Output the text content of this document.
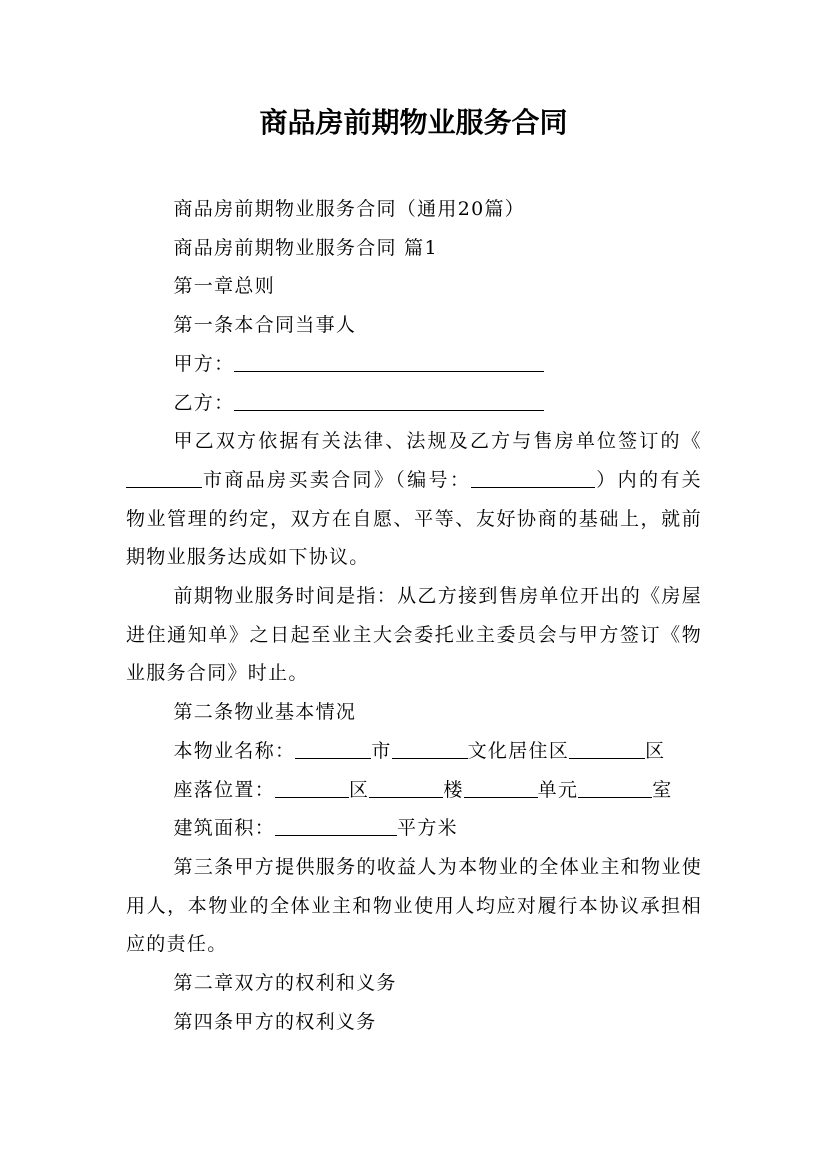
商品房前期物业服务合同

商品房前期物业服务合同（通用20篇）

商品房前期物业服务合同 篇1

第一章总则

第一条本合同当事人

甲方：

乙方：

甲乙双方依据有关法律、法规及乙方与售房单位签订的《市商品房买卖合同》（编号：	）内的有关物业管理的约定，双方在自愿、平等、友好协商的基础上，就前期物业服务达成如下协议。

前期物业服务时间是指：从乙方接到售房单位开出的《房屋进住通知单》之日起至业主大会委托业主委员会与甲方签订《物业服务合同》时止。

第二条物业基本情况

本物业名称：	市	文化居住区	区

座落位置：	区	楼	单元	室

建筑面积：	平方米

第三条甲方提供服务的收益人为本物业的全体业主和物业使用人，本物业的全体业主和物业使用人均应对履行本协议承担相应的责任。

第二章双方的权利和义务

第四条甲方的权利义务
